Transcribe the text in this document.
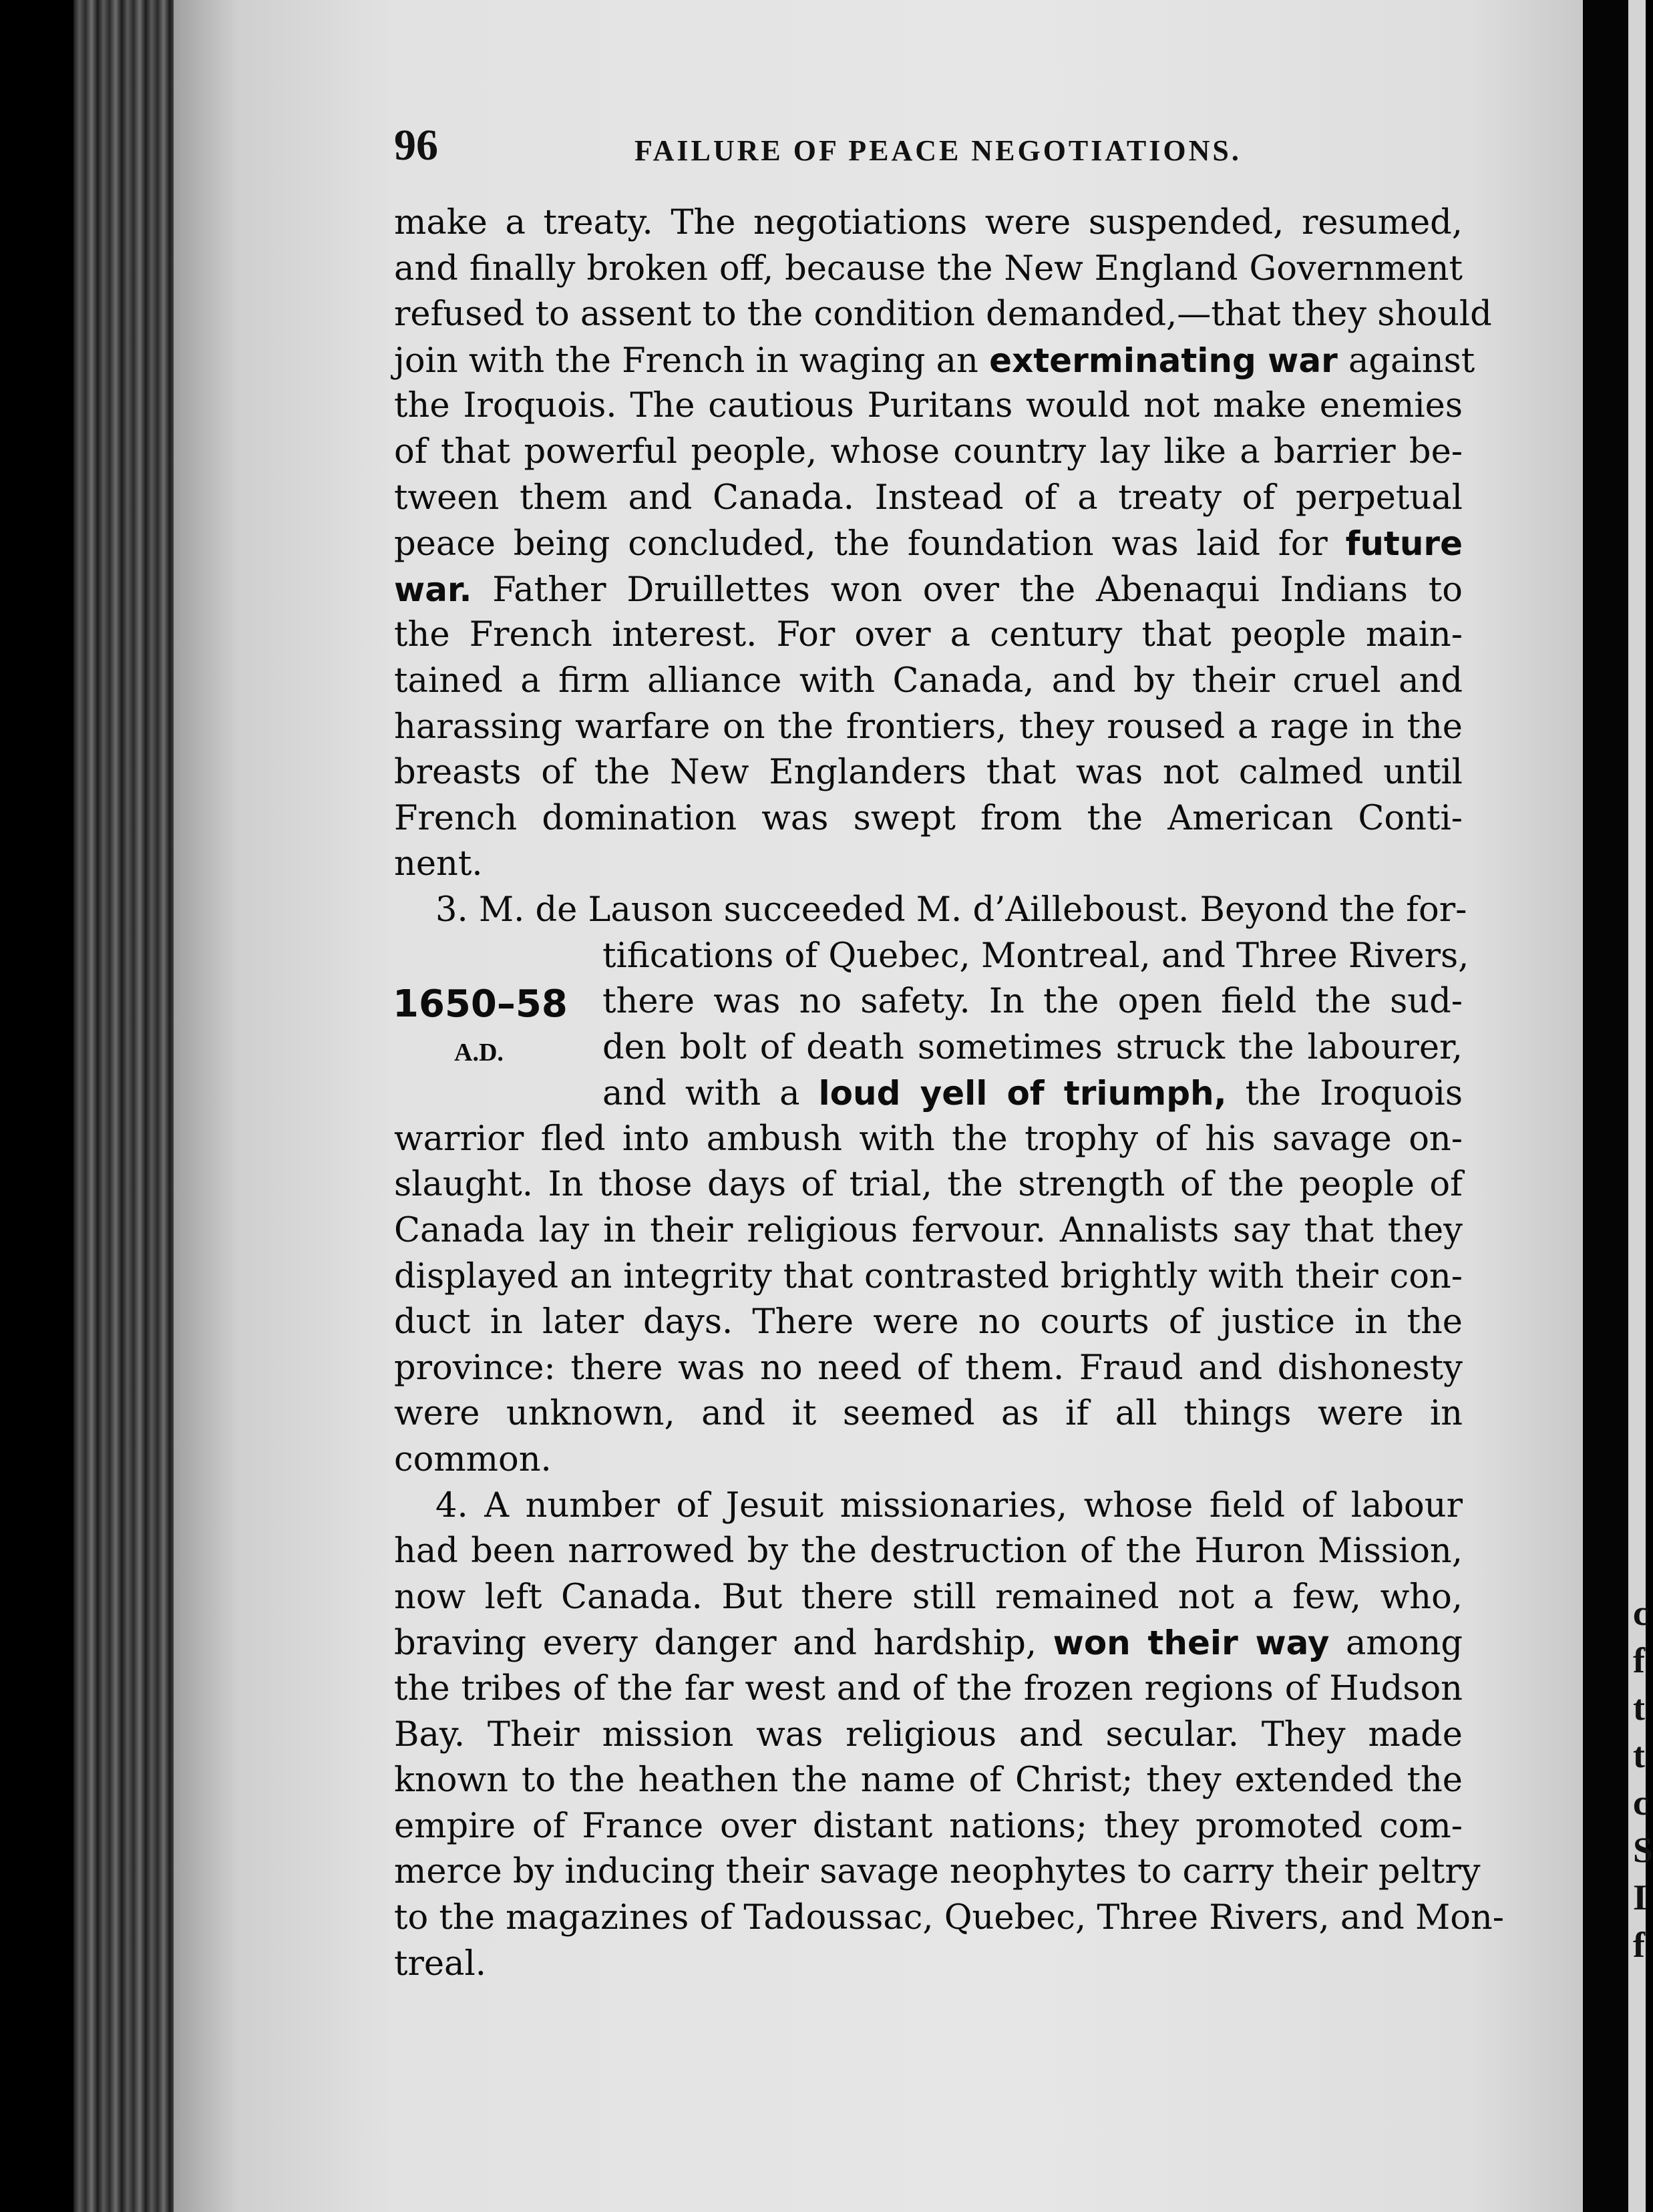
c
f
t
t
c
S
I
f
96	FAILURE OF PEACE NEGOTIATIONS.
1650–58
A.D.
make a treaty. The negotiations were suspended, resumed,
and finally broken off, because the New England Government
refused to assent to the condition demanded,—that they should
join with the French in waging an exterminating war against
the Iroquois. The cautious Puritans would not make enemies
of that powerful people, whose country lay like a barrier be-
tween them and Canada. Instead of a treaty of perpetual
peace being concluded, the foundation was laid for future
war. Father Druillettes won over the Abenaqui Indians to
the French interest. For over a century that people main-
tained a firm alliance with Canada, and by their cruel and
harassing warfare on the frontiers, they roused a rage in the
breasts of the New Englanders that was not calmed until
French domination was swept from the American Conti-
nent.
3. M. de Lauson succeeded M. d’Ailleboust. Beyond the for-
tifications of Quebec, Montreal, and Three Rivers,
there was no safety. In the open field the sud-
den bolt of death sometimes struck the labourer,
and with a loud yell of triumph, the Iroquois
warrior fled into ambush with the trophy of his savage on-
slaught. In those days of trial, the strength of the people of
Canada lay in their religious fervour. Annalists say that they
displayed an integrity that contrasted brightly with their con-
duct in later days. There were no courts of justice in the
province: there was no need of them. Fraud and dishonesty
were unknown, and it seemed as if all things were in
common.
4. A number of Jesuit missionaries, whose field of labour
had been narrowed by the destruction of the Huron Mission,
now left Canada. But there still remained not a few, who,
braving every danger and hardship, won their way among
the tribes of the far west and of the frozen regions of Hudson
Bay. Their mission was religious and secular. They made
known to the heathen the name of Christ; they extended the
empire of France over distant nations; they promoted com-
merce by inducing their savage neophytes to carry their peltry
to the magazines of Tadoussac, Quebec, Three Rivers, and Mon-
treal.
